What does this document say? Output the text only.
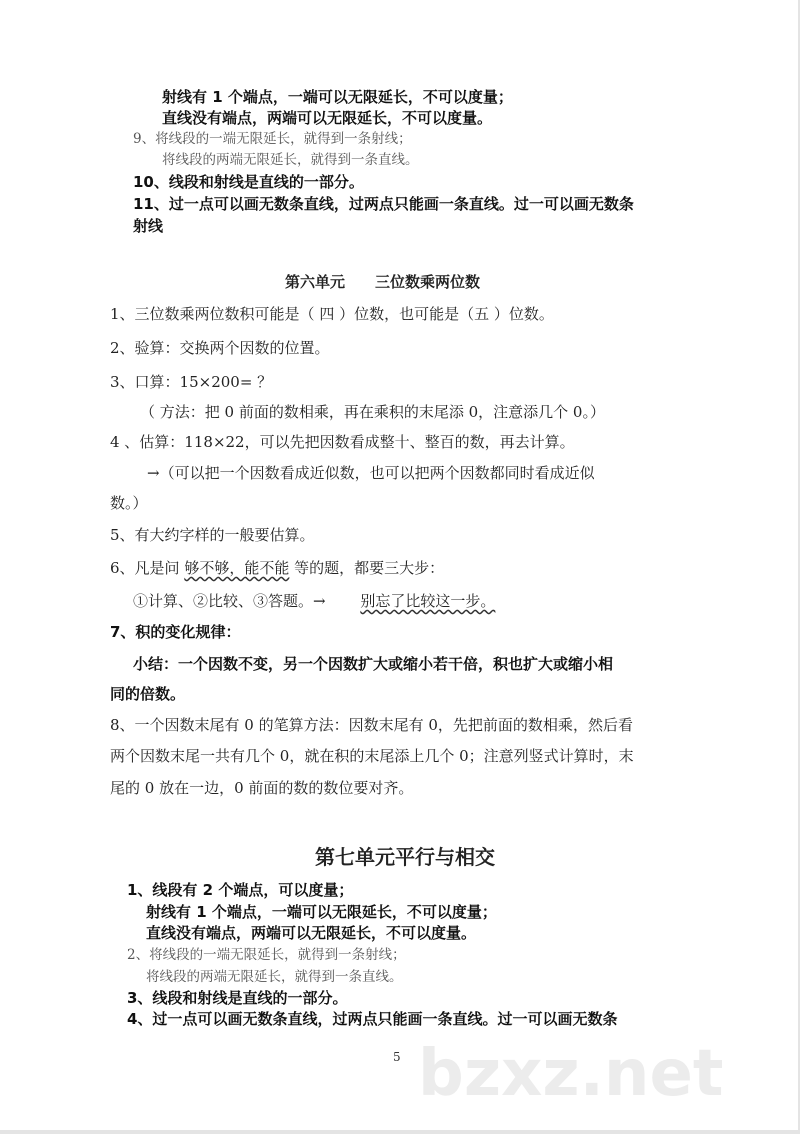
bzxz.net
射线有 1 个端点，一端可以无限延长，不可以度量；
直线没有端点，两端可以无限延长，不可以度量。
9、将线段的一端无限延长，就得到一条射线；
将线段的两端无限延长，就得到一条直线。
10、线段和射线是直线的一部分。
11、过一点可以画无数条直线，过两点只能画一条直线。过一可以画无数条
射线
第六单元　　三位数乘两位数
1、三位数乘两位数积可能是（ 四 ）位数，也可能是（五 ）位数。
2、验算：交换两个因数的位置。
3、口算：15×200= ？
（ 方法：把 0 前面的数相乘，再在乘积的末尾添 0，注意添几个 0。）
4 、估算：118×22，可以先把因数看成整十、整百的数，再去计算。
→（可以把一个因数看成近似数，也可以把两个因数都同时看成近似
数。）
5、有大约字样的一般要估算。
6、凡是问 够不够，能不能 等的题，都要三大步：
①计算、②比较、③答题。→　　 别忘了比较这一步。
7、积的变化规律：
小结：一个因数不变，另一个因数扩大或缩小若干倍，积也扩大或缩小相
同的倍数。
8、一个因数末尾有 0 的笔算方法：因数末尾有 0，先把前面的数相乘，然后看
两个因数末尾一共有几个 0，就在积的末尾添上几个 0；注意列竖式计算时，末
尾的 0 放在一边，0 前面的数的数位要对齐。
第七单元平行与相交
1、线段有 2 个端点，可以度量；
射线有 1 个端点，一端可以无限延长，不可以度量；
直线没有端点，两端可以无限延长，不可以度量。
2、将线段的一端无限延长，就得到一条射线；
将线段的两端无限延长，就得到一条直线。
3、线段和射线是直线的一部分。
4、过一点可以画无数条直线，过两点只能画一条直线。过一可以画无数条
5
